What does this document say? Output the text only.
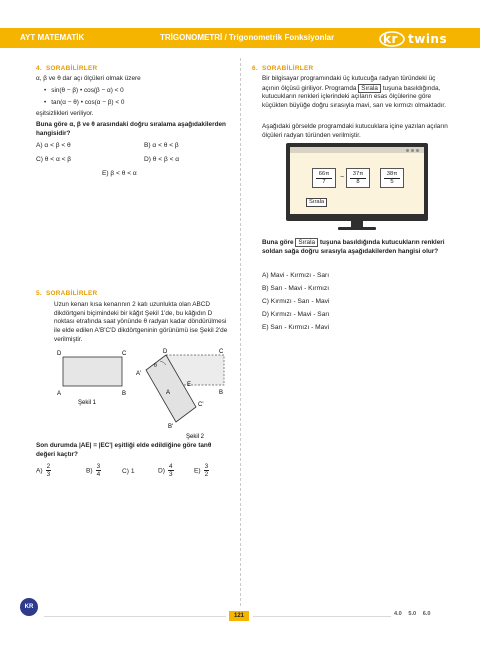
AYT MATEMATİK	TRİGONOMETRİ / Trigonometrik Fonksiyonlar	kr twins
4. SORABİLİRLER
α, β ve θ dar açı ölçüleri olmak üzere
• sin(θ − β) • cos(β − α) < 0
• tan(α − θ) • cos(α − β) < 0
eşitsizlikleri veriliyor.
Buna göre α, β ve θ arasındaki doğru sıralama aşağıdakilerden hangisidir?
A) α < β < θ	B) α < θ < β
C) θ < α < β	D) θ < β < α
E) β < θ < α
5. SORABİLİRLER
Uzun kenarı kısa kenarının 2 katı uzunlukta olan ABCD dikdörtgeni biçimindeki bir kâğıt Şekil 1'de, bu kâğıdın D noktası etrafında saat yönünde θ radyan kadar döndürülmesi ile elde edilen A'B'C'D dikdörtgeninin görünümü ise Şekil 2'de verilmiştir.
D	C
A	B
Şekil 1
D	C
A'
A
E
B
C'
B'
θ
Şekil 2
Son durumda |AE| = |EC'| eşitliği elde edildiğine göre tanθ değeri kaçtır?
$A) \frac{2}{3}$	$B) \frac{3}{4}$	C) 1	$D) \frac{4}{3}$	$E) \frac{3}{2}$
6. SORABİLİRLER
Bir bilgisayar programındaki üç kutucuğa radyan türündeki üç açının ölçüsü giriliyor. Programda Sırala tuşuna basıldığında, kutucukların renkleri içlerindeki açıların esas ölçülerine göre küçükten büyüğe doğru sırasıyla mavi, sarı ve kırmızı olmaktadır.
Aşağıdaki görselde programdaki kutucuklara içine yazılan açıların ölçüleri radyan türünden verilmiştir.
$\frac{66\pi}{7} - \frac{37\pi}{8} \frac{38\pi}{5}$
Sırala
Buna göre Sırala tuşuna basıldığında kutucukların renkleri soldan sağa doğru sırasıyla aşağıdakilerden hangisi olur?
A) Mavi - Kırmızı - Sarı
B) Sarı - Mavi - Kırmızı
C) Kırmızı - Sarı - Mavi
D) Kırmızı - Mavi - Sarı
E) Sarı - Kırmızı - Mavi
KR
121	4.0 5.0 6.0
